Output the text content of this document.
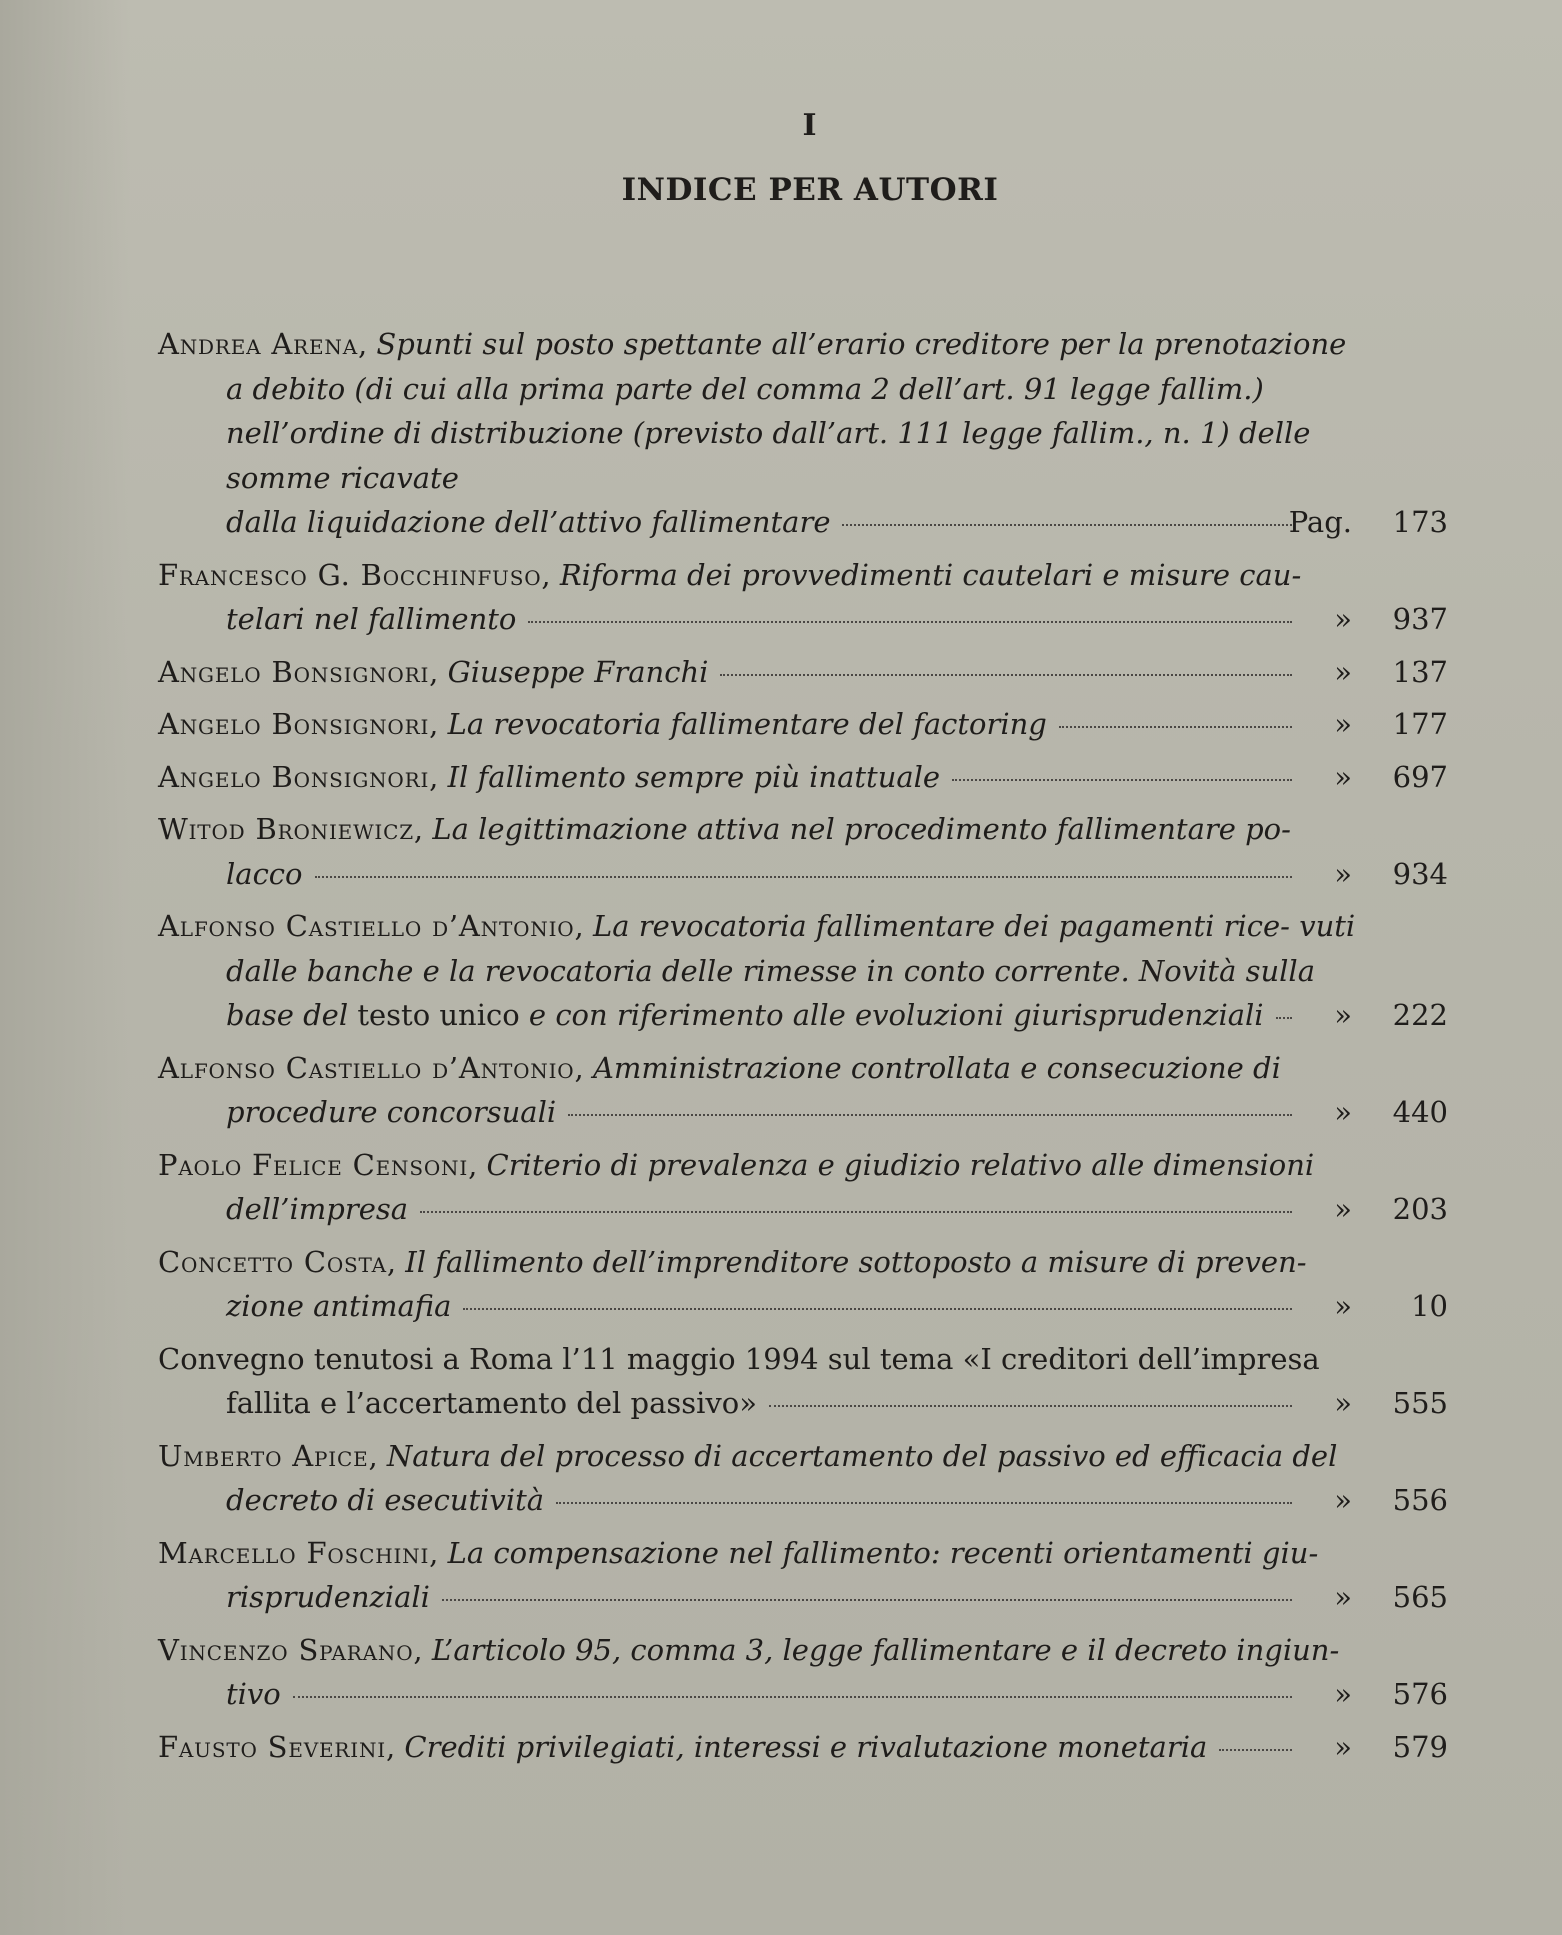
I
INDICE PER AUTORI
Andrea Arena, Spunti sul posto spettante all’erario creditore per la prenotazione a debito (di cui alla prima parte del comma 2 dell’art. 91 legge fallim.) nell’ordine di distribuzione (previsto dall’art. 111 legge fallim., n. 1) delle somme ricavate
dalla liquidazione dell’attivo fallimentare	Pag.	173
Francesco G. Bocchinfuso, Riforma dei provvedimenti cautelari e misure cau-
telari nel fallimento	»	937
Angelo Bonsignori , Giuseppe Franchi	»	137
Angelo Bonsignori , La revocatoria fallimentare del factoring	»	177
Angelo Bonsignori , Il fallimento sempre più inattuale	»	697
Witod Broniewicz, La legittimazione attiva nel procedimento fallimentare po-
lacco	»	934
Alfonso Castiello d’Antonio, La revocatoria fallimentare dei pagamenti rice- vuti dalle banche e la revocatoria delle rimesse in conto corrente. Novità sulla
base del testo unico e con riferimento alle evoluzioni giurisprudenziali	»	222
Alfonso Castiello d’Antonio, Amministrazione controllata e consecuzione di
procedure concorsuali	»	440
Paolo Felice Censoni, Criterio di prevalenza e giudizio relativo alle dimensioni
dell’impresa	»	203
Concetto Costa, Il fallimento dell’imprenditore sottoposto a misure di preven-
zione antimafia	»	10
Convegno tenutosi a Roma l’11 maggio 1994 sul tema «I creditori dell’impresa
fallita e l’accertamento del passivo»	»	555
Umberto Apice, Natura del processo di accertamento del passivo ed efficacia del
decreto di esecutività	»	556
Marcello Foschini, La compensazione nel fallimento: recenti orientamenti giu-
risprudenziali	»	565
Vincenzo Sparano, L’articolo 95, comma 3, legge fallimentare e il decreto ingiun-
tivo	»	576
Fausto Severini , Crediti privilegiati, interessi e rivalutazione monetaria	»	579
